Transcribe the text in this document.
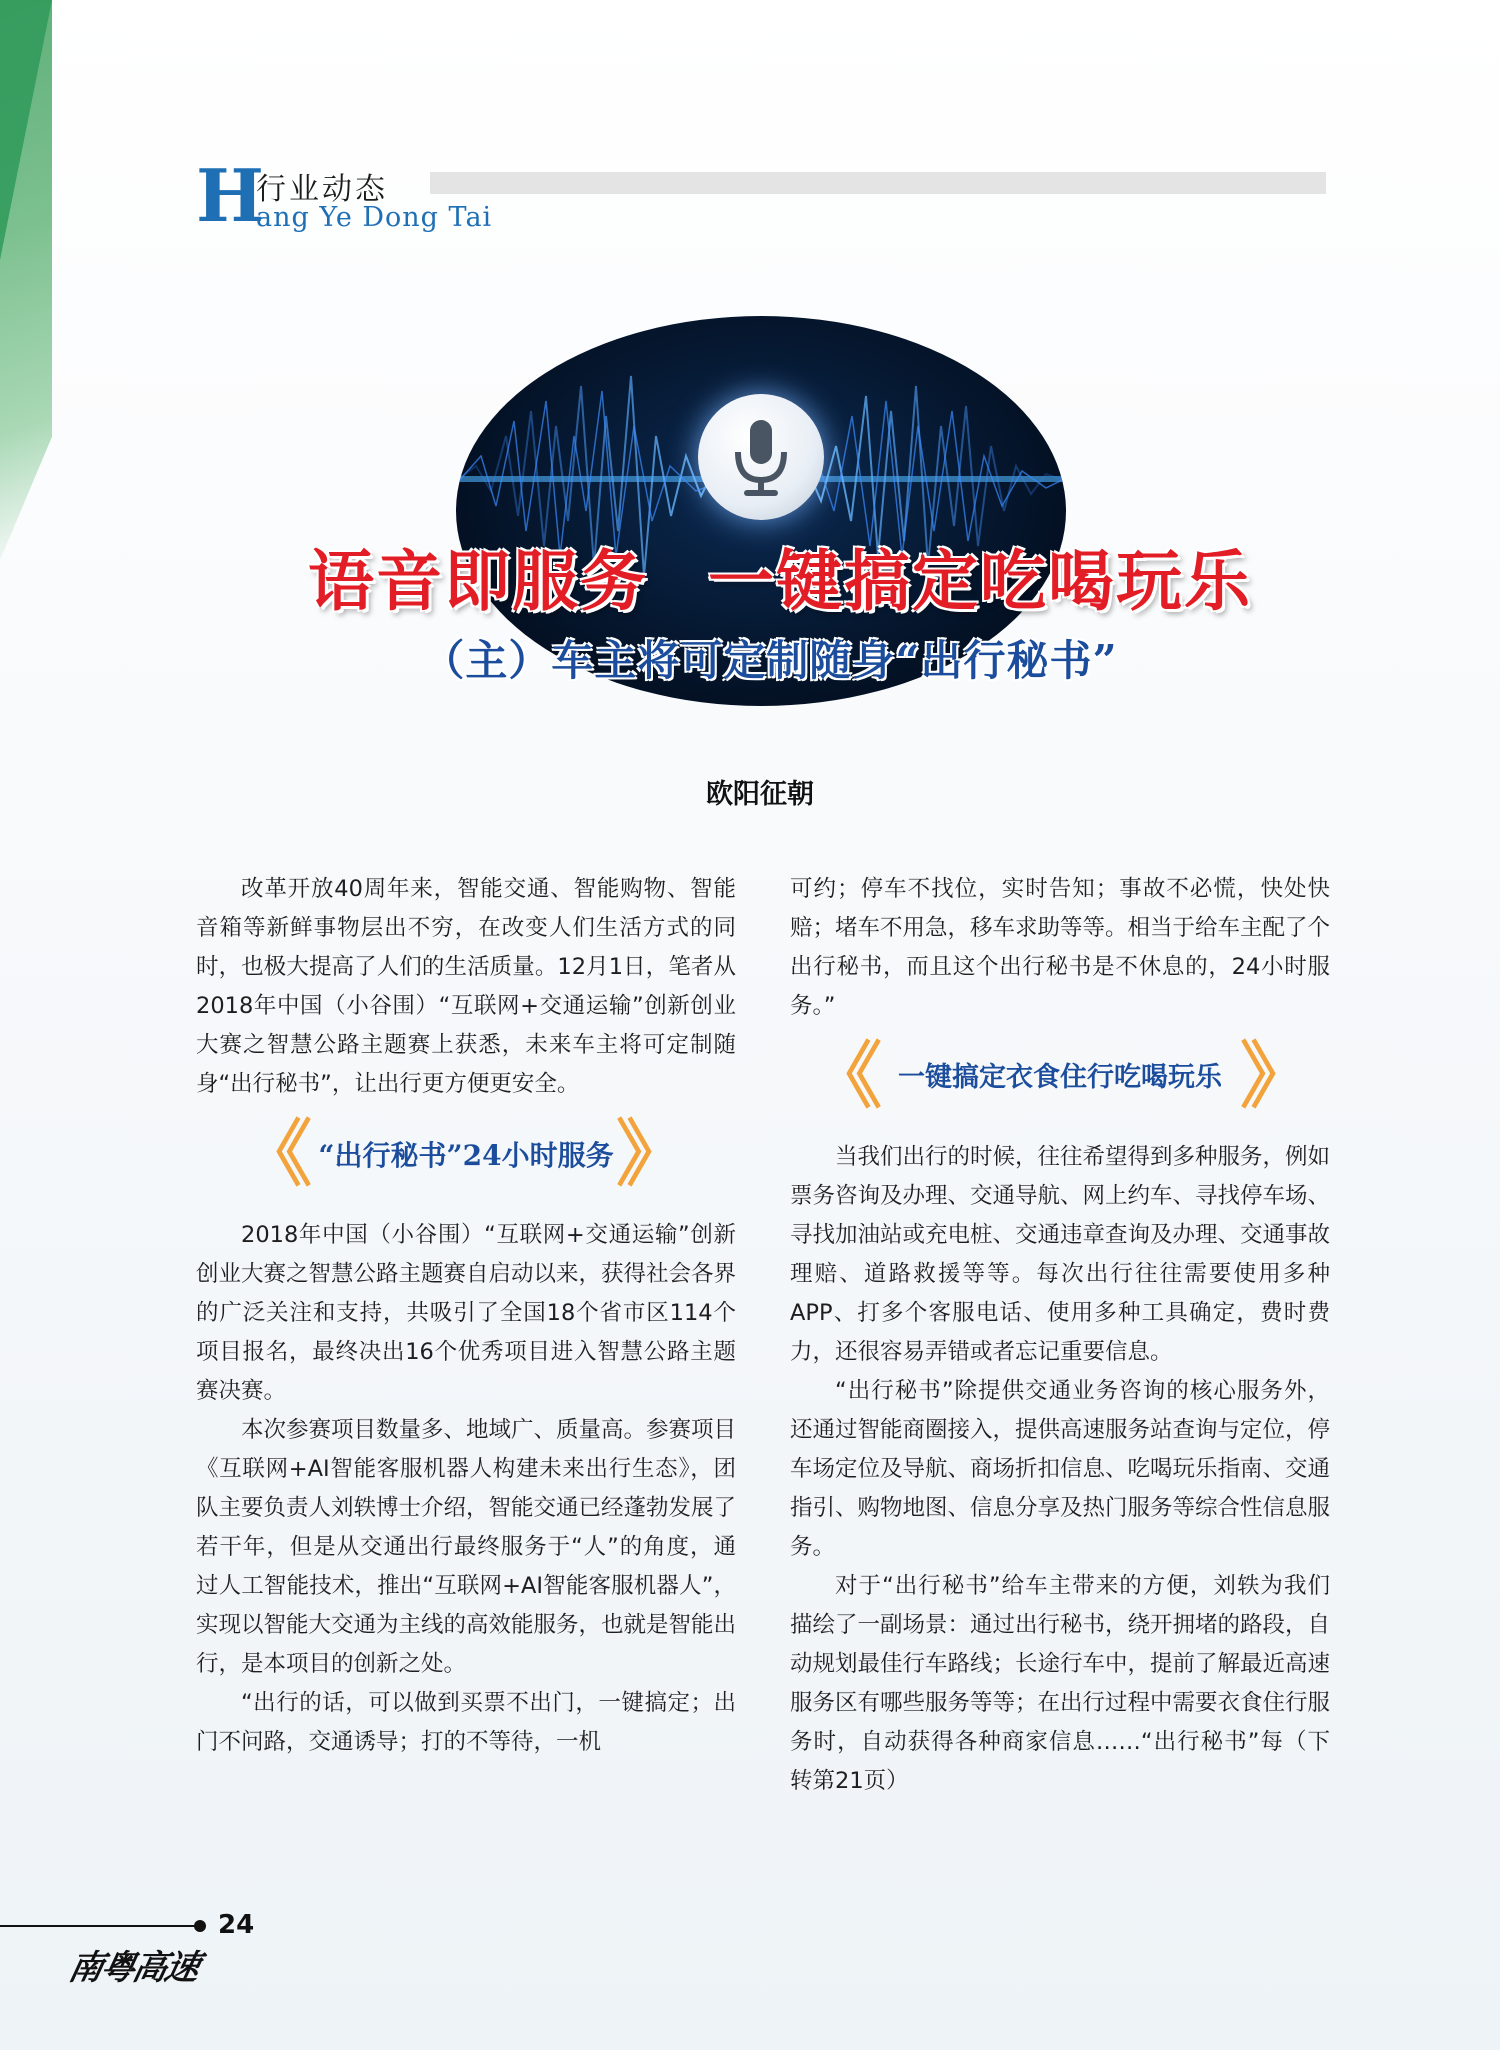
H
行业动态
ang Ye Dong Tai
语音即服务 一键搞定吃喝玩乐
（主）车主将可定制随身“出行秘书”
欧阳征朝

改革开放40周年来，智能交通、智能购物、智能音箱等新鲜事物层出不穷，在改变人们生活方式的同时，也极大提高了人们的生活质量。12月1日，笔者从2018年中国（小谷围）“互联网+交通运输”创新创业大赛之智慧公路主题赛上获悉，未来车主将可定制随身“出行秘书”，让出行更方便更安全。

《 “出行秘书”24小时服务 》

2018年中国（小谷围）“互联网+交通运输”创新创业大赛之智慧公路主题赛自启动以来，获得社会各界的广泛关注和支持，共吸引了全国18个省市区114个项目报名，最终决出16个优秀项目进入智慧公路主题赛决赛。

本次参赛项目数量多、地域广、质量高。参赛项目《互联网+AI智能客服机器人构建未来出行生态》，团队主要负责人刘轶博士介绍，智能交通已经蓬勃发展了若干年，但是从交通出行最终服务于“人”的角度，通过人工智能技术，推出“互联网+AI智能客服机器人”，实现以智能大交通为主线的高效能服务，也就是智能出行，是本项目的创新之处。

“出行的话，可以做到买票不出门，一键搞定；出门不问路，交通诱导；打的不等待，一机

可约；停车不找位，实时告知；事故不必慌，快处快赔；堵车不用急，移车求助等等。相当于给车主配了个出行秘书，而且这个出行秘书是不休息的，24小时服务。”

《 一键搞定衣食住行吃喝玩乐 》

当我们出行的时候，往往希望得到多种服务，例如票务咨询及办理、交通导航、网上约车、寻找停车场、寻找加油站或充电桩、交通违章查询及办理、交通事故理赔、道路救援等等。每次出行往往需要使用多种APP、打多个客服电话、使用多种工具确定，费时费力，还很容易弄错或者忘记重要信息。

“出行秘书”除提供交通业务咨询的核心服务外，还通过智能商圈接入，提供高速服务站查询与定位，停车场定位及导航、商场折扣信息、吃喝玩乐指南、交通指引、购物地图、信息分享及热门服务等综合性信息服务。

对于“出行秘书”给车主带来的方便，刘轶为我们描绘了一副场景：通过出行秘书，绕开拥堵的路段，自动规划最佳行车路线；长途行车中，提前了解最近高速服务区有哪些服务等等；在出行过程中需要衣食住行服务时，自动获得各种商家信息……“出行秘书”每（下转第21页）

24
南粤高速
